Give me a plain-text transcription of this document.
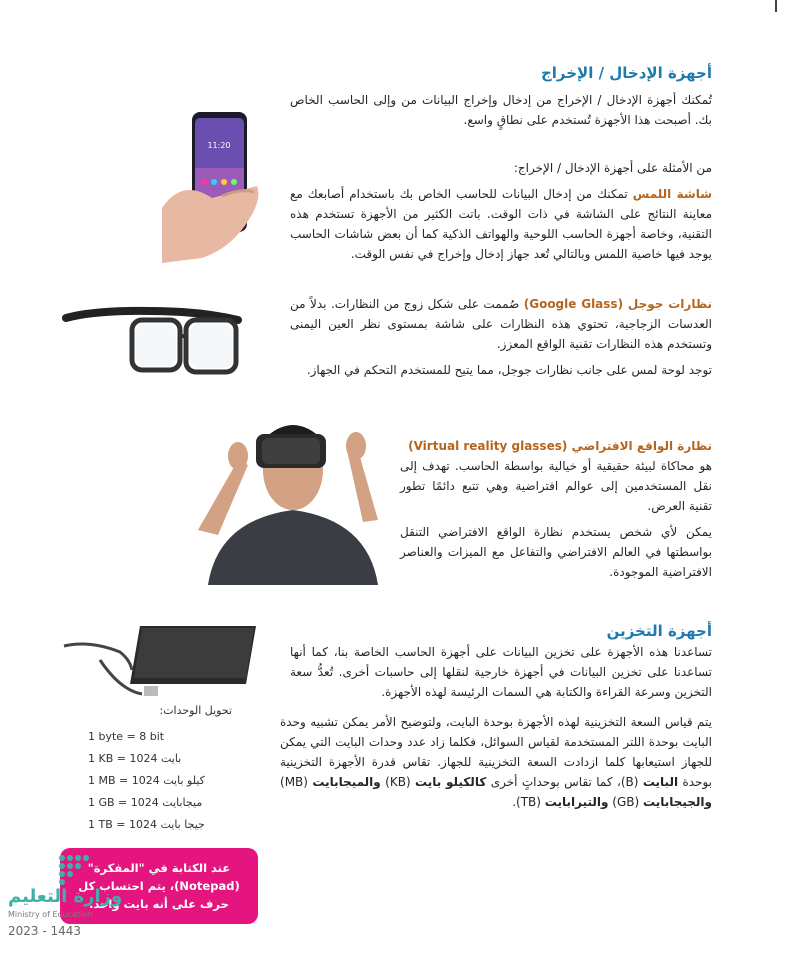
أجهزة الإدخال / الإخراج
تُمكنك أجهزة الإدخال / الإخراج من إدخال وإخراج البيانات من وإلى الحاسب الخاص بك. أصبحت هذا الأجهزة تُستخدم على نطاقٍ واسع.
11:20
من الأمثلة على أجهزة الإدخال / الإخراج:
شاشة اللمس تمكنك من إدخال البيانات للحاسب الخاص بك باستخدام أصابعك مع معاينة النتائج على الشاشة في ذات الوقت. باتت الكثير من الأجهزة تستخدم هذه التقنية، وخاصة أجهزة الحاسب اللوحية والهواتف الذكية كما أن بعض شاشات الحاسب يوجد فيها خاصية اللمس وبالتالي تُعد جهاز إدخال وإخراج في نفس الوقت.
نظارات جوجل (Google Glass) صُممت على شكل زوج من النظارات. بدلاً من العدسات الزجاجية، تحتوي هذه النظارات على شاشة بمستوى نظر العين اليمنى وتستخدم هذه النظارات تقنية الواقع المعزز.
توجد لوحة لمس على جانب نظارات جوجل، مما يتيح للمستخدم التحكم في الجهاز.
نظارة الواقع الافتراضي (Virtual reality glasses)
هو محاكاة لبيئة حقيقية أو خيالية بواسطة الحاسب. تهدف إلى نقل المستخدمين إلى عوالم افتراضية وهي تتبع دائمًا تطور تقنية العرض.
يمكن لأي شخص يستخدم نظارة الواقع الافتراضي التنقل بواسطتها في العالم الافتراضي والتفاعل مع الميزات والعناصر الافتراضية الموجودة.
أجهزة التخزين
تساعدنا هذه الأجهزة على تخزين البيانات على أجهزة الحاسب الخاصة بنا، كما أنها تساعدنا على تخزين البيانات في أجهزة خارجية لنقلها إلى حاسبات أخرى. تُعدُّ سعة التخزين وسرعة القراءة والكتابة هي السمات الرئيسة لهذه الأجهزة.
يتم قياس السعة التخزينية لهذه الأجهزة بوحدة البايت، ولتوضيح الأمر يمكن تشبيه وحدة البايت بوحدة اللتر المستخدمة لقياس السوائل، فكلما زاد عدد وحدات البايت التي يمكن للجهاز استيعابها كلما ازدادت السعة التخزينية للجهاز. تقاس قدرة الأجهزة التخزينية بوحدة البايت (B)، كما تقاس بوحداتٍ أخرى كالكيلو بايت (KB) والميجابايت (MB) والجيجابايت (GB) والتيرابايت (TB).
تحويل الوحدات:
1 byte = 8 bit
1 KB = 1024 بايت
1 MB = 1024 كيلو بايت
1 GB = 1024 ميجابايت
1 TB = 1024 جيجا بايت
عند الكتابة في "المفكرة" (Notepad)، يتم احتساب كل حرف على أنه بايت واحد.
وزارة التعليم
Ministry of Education
2023 - 1443
